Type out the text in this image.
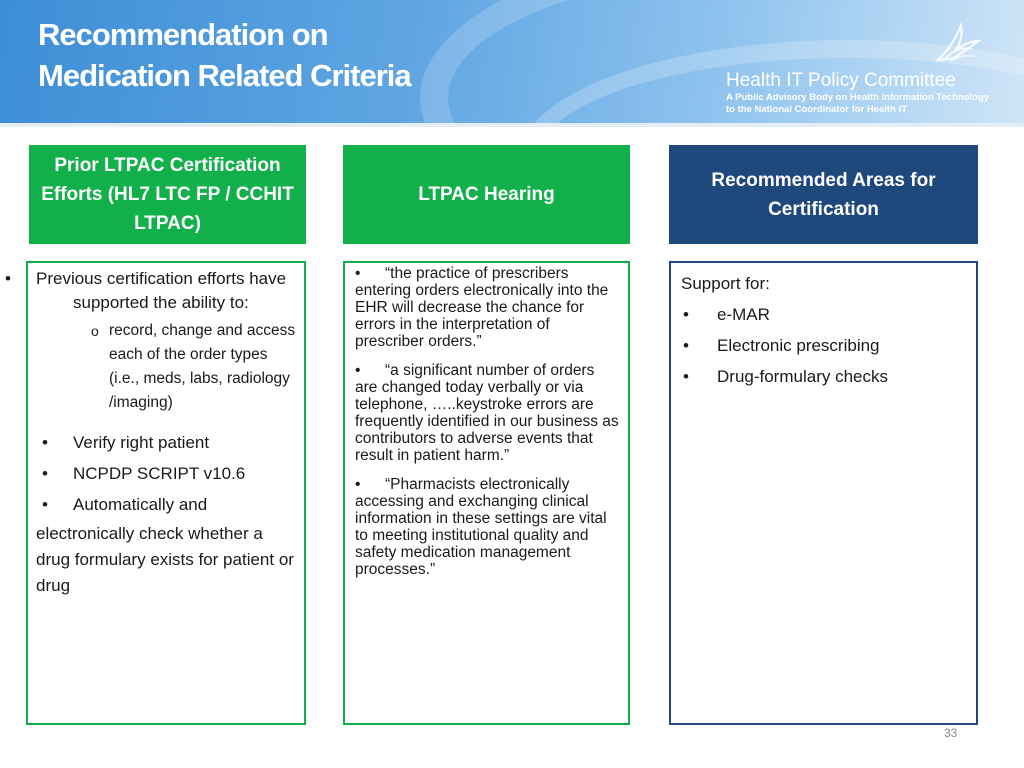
Recommendation on
Medication Related Criteria	Health IT Policy Committee
A Public Advisory Body on Health Information Technology
to the National Coordinator for Health IT
Prior LTPAC Certification Efforts (HL7 LTC FP / CCHIT LTPAC)
LTPAC Hearing
Recommended Areas for Certification

• Previous certification efforts have supported the ability to:

o record, change and access each of the order types (i.e., meds, labs, radiology /imaging)

• Verify right patient

• NCPDP SCRIPT v10.6

• Automatically and

electronically check whether a drug formulary exists for patient or drug

• “the practice of prescribers entering orders electronically into the EHR will decrease the chance for errors in the interpretation of prescriber orders.”

• “a significant number of orders are changed today verbally or via telephone, …..keystroke errors are frequently identified in our business as contributors to adverse events that result in patient harm.”

• “Pharmacists electronically accessing and exchanging clinical information in these settings are vital to meeting institutional quality and safety medication management processes.”

Support for:

• e-MAR

• Electronic prescribing

• Drug-formulary checks

33
